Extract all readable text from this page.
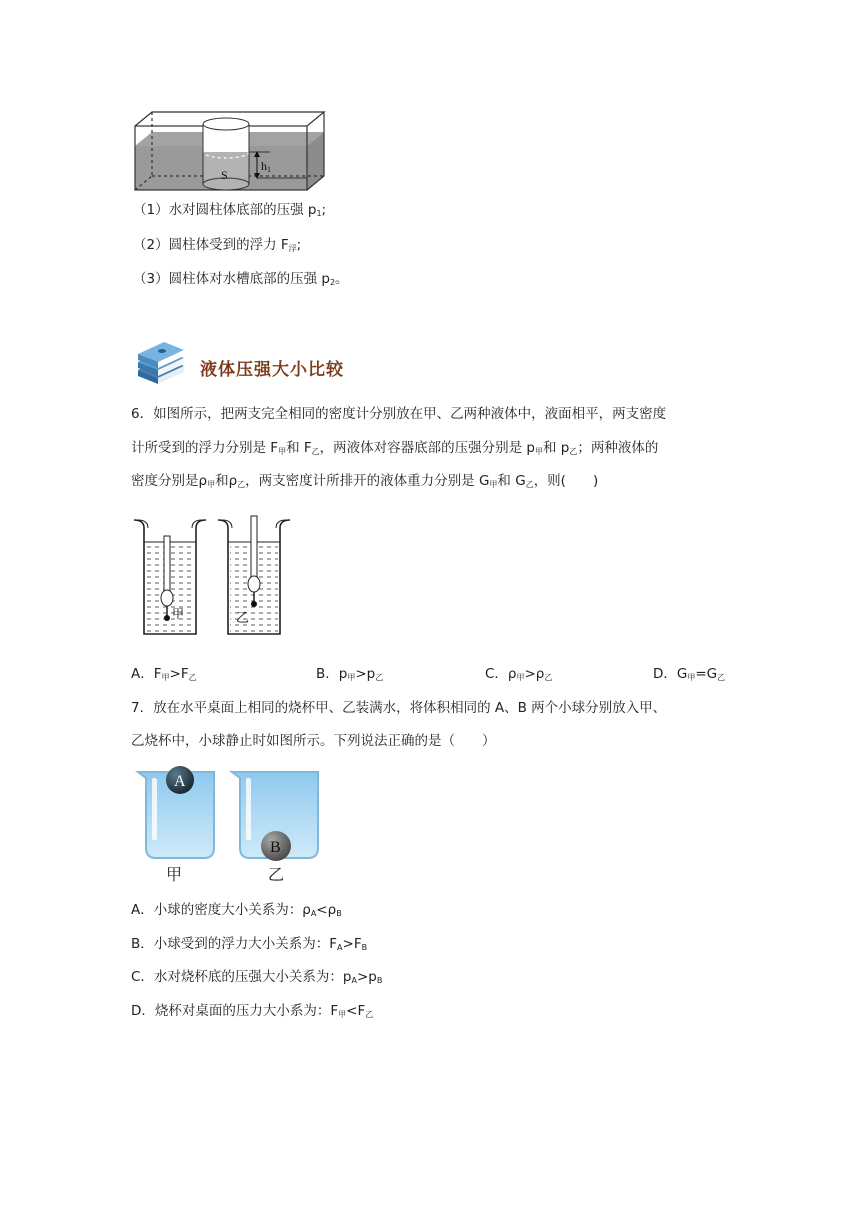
S
h 1
（1）水对圆柱体底部的压强 p1;
（2）圆柱体受到的浮力 F浮;
（3）圆柱体对水槽底部的压强 p2。
液体压强大小比较
6．如图所示，把两支完全相同的密度计分别放在甲、乙两种液体中，液面相平，两支密度
计所受到的浮力分别是 F甲和 F乙，两液体对容器底部的压强分别是 p甲和 p乙；两种液体的
密度分别是ρ甲和ρ乙，两支密度计所排开的液体重力分别是 G甲和 G乙，则(　　)
甲	乙
A．F甲>F乙	B．p甲>p乙	C．ρ甲>ρ乙	D．G甲=G乙
7．放在水平桌面上相同的烧杯甲、乙装满水，将体积相同的 A、B 两个小球分别放入甲、
乙烧杯中，小球静止时如图所示。下列说法正确的是（　　）
A
B
甲	乙
A．小球的密度大小关系为：ρA<ρB
B．小球受到的浮力大小关系为：FA>FB
C．水对烧杯底的压强大小关系为：pA>pB
D．烧杯对桌面的压力大小系为：F甲<F乙
